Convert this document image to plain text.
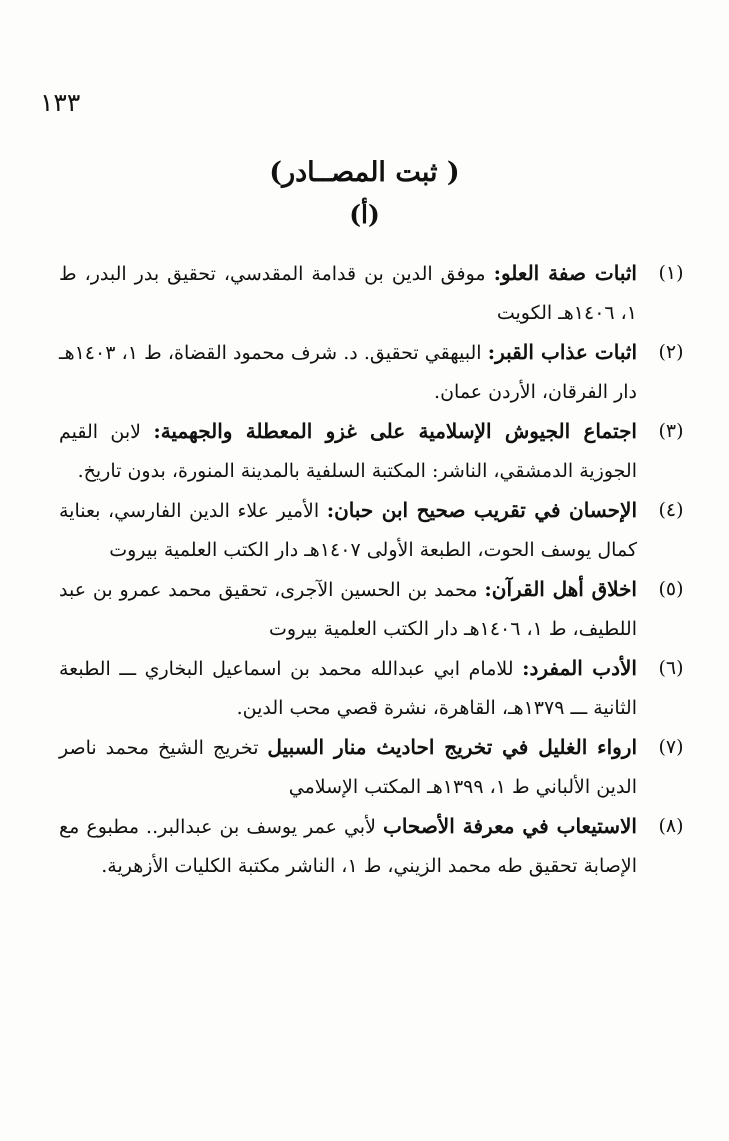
١٣٣
( ثبت المصــادر)
(أ)
(١)
اثبات صفة العلو: موفق الدين بن قدامة المقدسي، تحقيق بدر البدر، ط ١، ١٤٠٦هـ الكويت
(٢)
اثبات عذاب القبر: البيهقي تحقيق. د. شرف محمود القضاة، ط ١، ١٤٠٣هـ دار الفرقان، الأردن عمان.
(٣)
اجتماع الجيوش الإسلامية على غزو المعطلة والجهمية: لابن القيم الجوزية الدمشقي، الناشر: المكتبة السلفية بالمدينة المنورة، بدون تاريخ.
(٤)
الإحسان في تقريب صحيح ابن حبان: الأمير علاء الدين الفارسي، بعناية كمال يوسف الحوت، الطبعة الأولى ١٤٠٧هـ دار الكتب العلمية بيروت
(٥)
اخلاق أهل القرآن: محمد بن الحسين الآجرى، تحقيق محمد عمرو بن عبد اللطيف، ط ١، ١٤٠٦هـ دار الكتب العلمية بيروت
(٦)
الأدب المفرد: للامام ابي عبدالله محمد بن اسماعيل البخاري ـــ الطبعة الثانية ـــ ١٣٧٩هـ، القاهرة، نشرة قصي محب الدين.
(٧)
ارواء الغليل في تخريج احاديث منار السبيل تخريج الشيخ محمد ناصر الدين الألباني ط ١، ١٣٩٩هـ المكتب الإسلامي
(٨)
الاستيعاب في معرفة الأصحاب لأبي عمر يوسف بن عبدالبر.. مطبوع مع الإصابة تحقيق طه محمد الزيني، ط ١، الناشر مكتبة الكليات الأزهرية.
